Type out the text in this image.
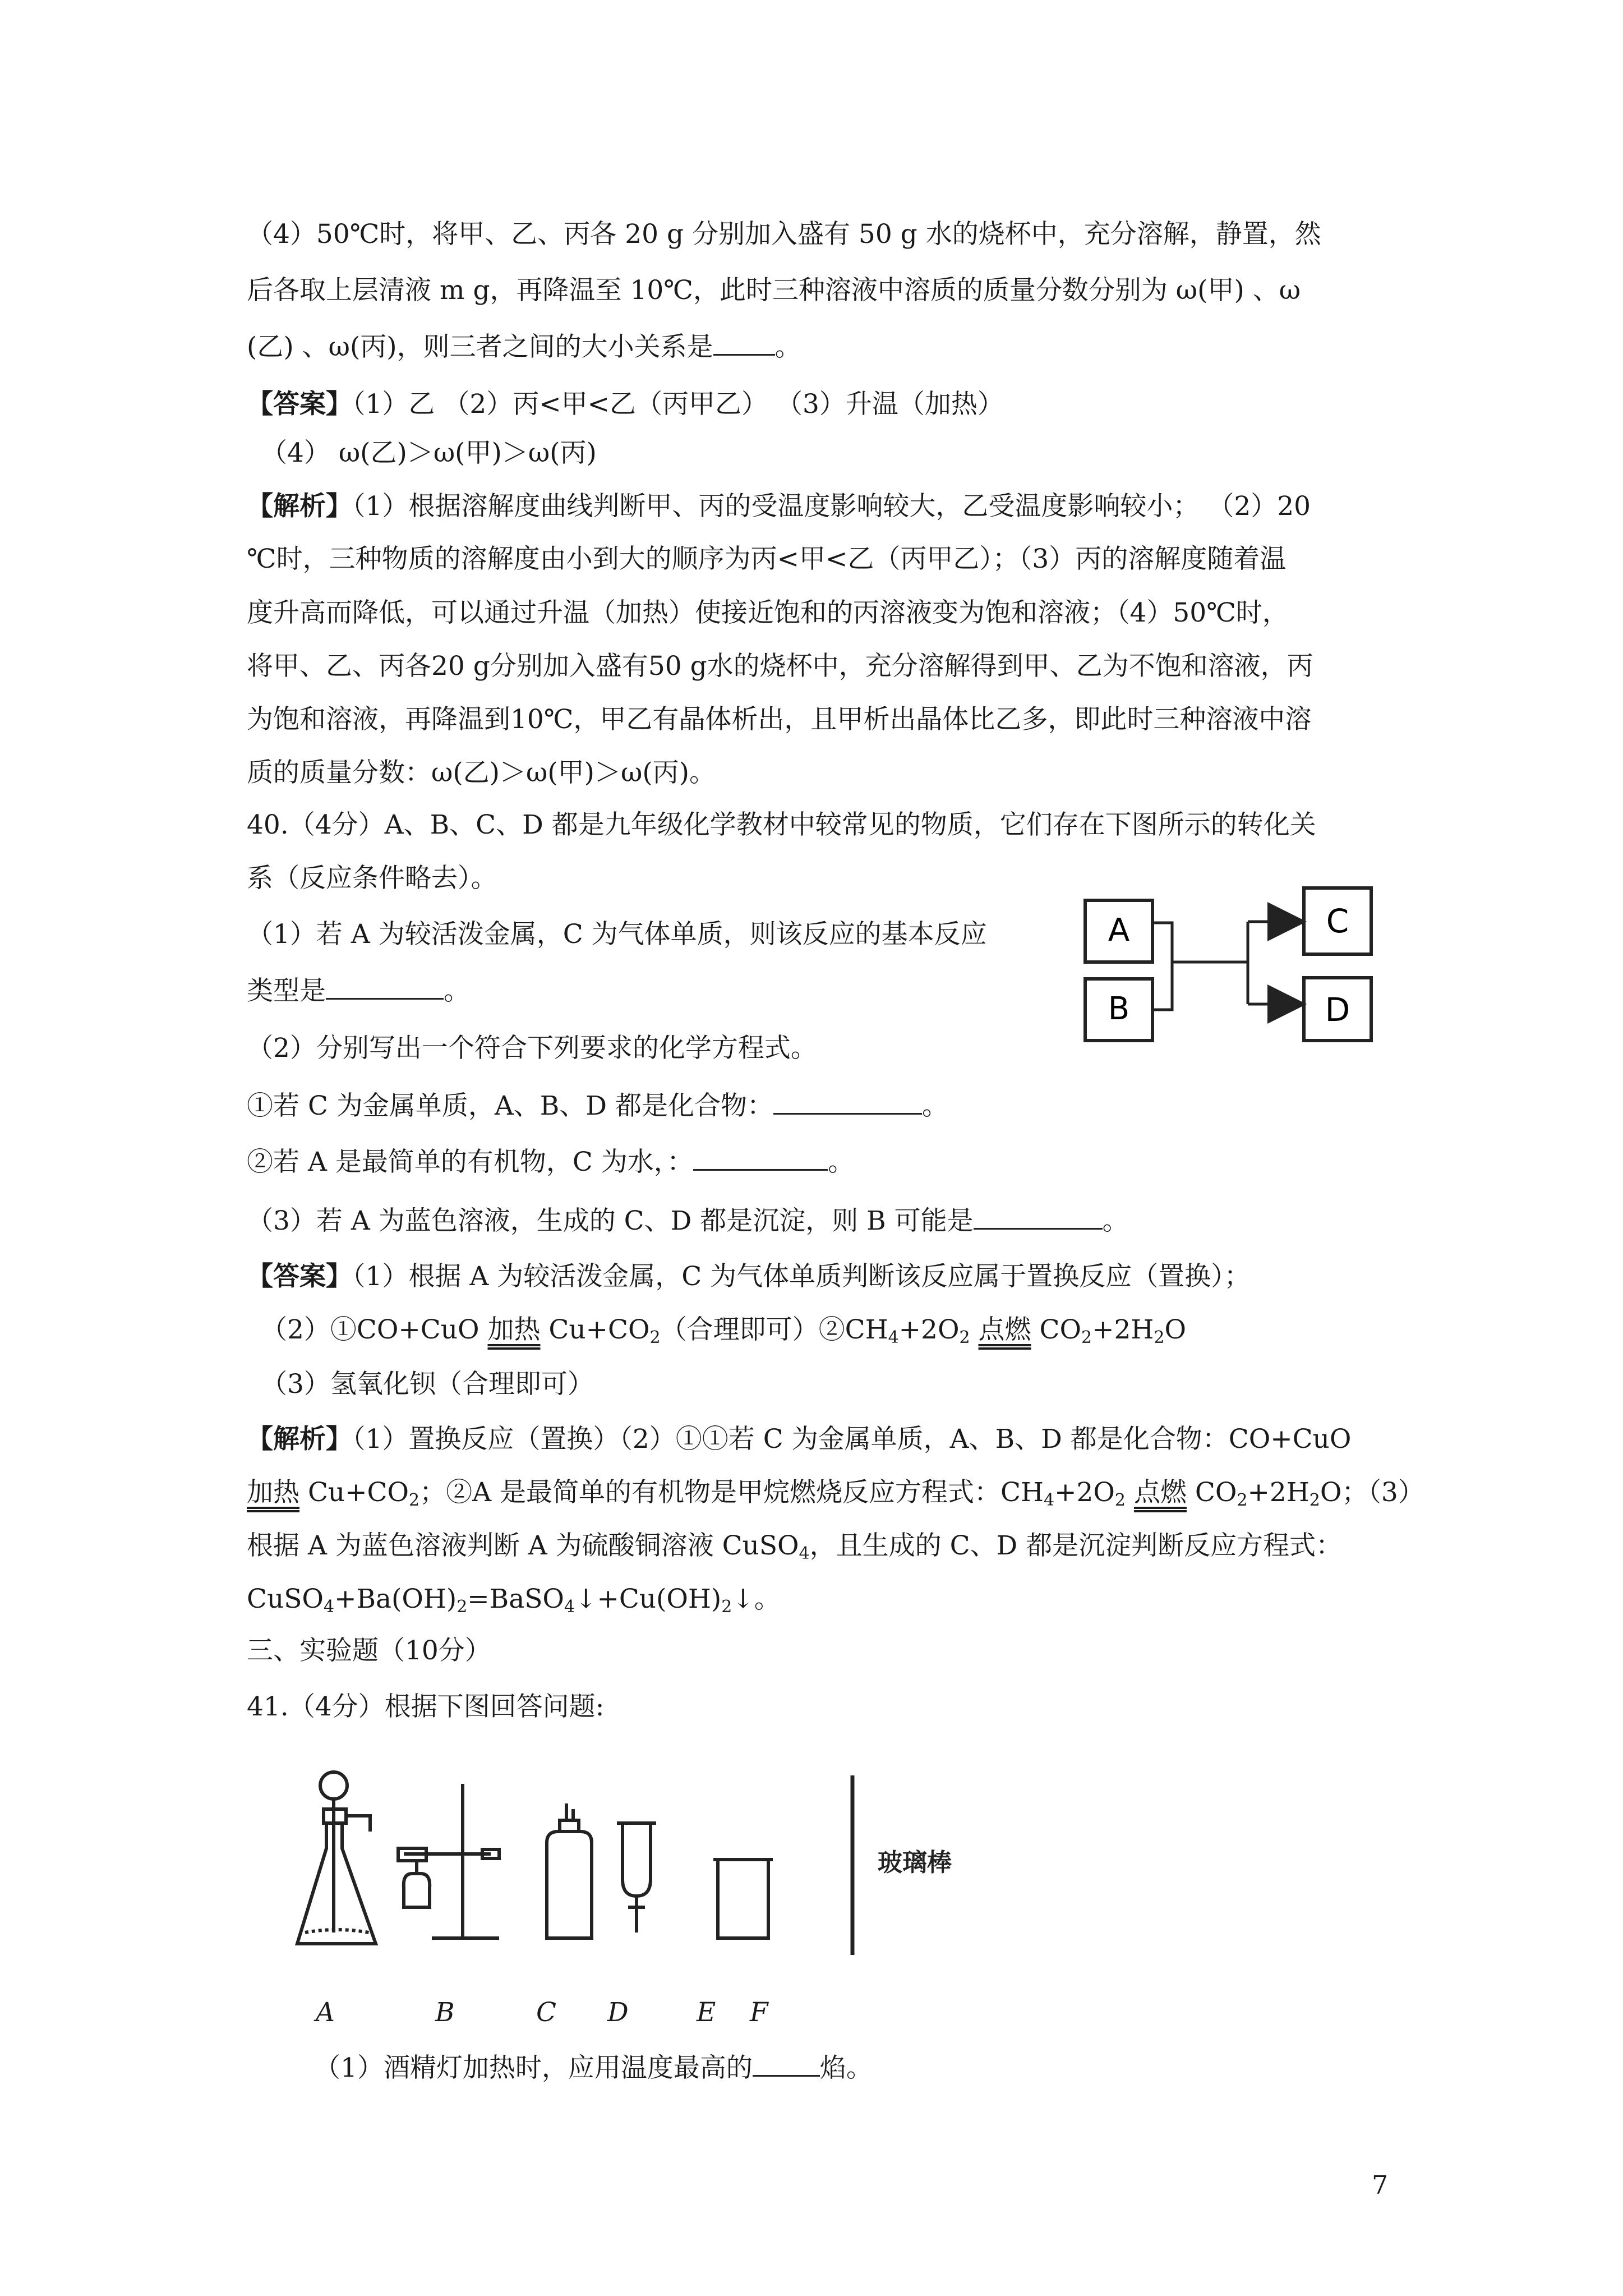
（4）50℃时，将甲、乙、丙各 20 g 分别加入盛有 50 g 水的烧杯中，充分溶解，静置，然
后各取上层清液 m g，再降温至 10℃，此时三种溶液中溶质的质量分数分别为 ω(甲) 、ω
(乙) 、ω(丙)，则三者之间的大小关系是 。
【答案】（1）乙 （2）丙<甲<乙（丙甲乙） （3）升温（加热）
（4） ω(乙)＞ω(甲)＞ω(丙)
【解析】（1）根据溶解度曲线判断甲、丙的受温度影响较大，乙受温度影响较小； （2）20
℃时，三种物质的溶解度由小到大的顺序为丙<甲<乙（丙甲乙）；（3）丙的溶解度随着温
度升高而降低，可以通过升温（加热）使接近饱和的丙溶液变为饱和溶液；（4）50℃时，
将甲、乙、丙各20 g分别加入盛有50 g水的烧杯中，充分溶解得到甲、乙为不饱和溶液，丙
为饱和溶液，再降温到10℃，甲乙有晶体析出，且甲析出晶体比乙多，即此时三种溶液中溶
质的质量分数：ω(乙)＞ω(甲)＞ω(丙)。
40.（4分）A、B、C、D 都是九年级化学教材中较常见的物质，它们存在下图所示的转化关
系（反应条件略去）。
（1）若 A 为较活泼金属，C 为气体单质，则该反应的基本反应
类型是	。
A
B
C
D
（2）分别写出一个符合下列要求的化学方程式。
①若 C 为金属单质，A、B、D 都是化合物：	。
②若 A 是最简单的有机物，C 为水，：	。
（3）若 A 为蓝色溶液，生成的 C、D 都是沉淀，则 B 可能是	。
【答案】（1）根据 A 为较活泼金属，C 为气体单质判断该反应属于置换反应（置换）；
（2）①CO+CuO 加热 $Cu+CO_2$（合理即可）$②CH_4+2O_2$ 点燃 $CO_2+2H_2O$
（3）氢氧化钡（合理即可）
【解析】（1）置换反应（置换）（2）①①若 C 为金属单质，A、B、D 都是化合物：CO+CuO
加热 $Cu+CO_2$；②A 是最简单的有机物是甲烷燃烧反应方程式：$CH_4+2O_2$ 点燃 $CO_2+2H_2O$；（3）
根据 A 为蓝色溶液判断 A 为硫酸铜溶液 CuSO$_4$，且生成的 C、D 都是沉淀判断反应方程式：
$CuSO_4+Ba(OH)_2=BaSO_4↓+Cu(OH)_2↓$。
三、实验题（10分）
41.（4分）根据下图回答问题:
玻璃棒
A	B	C D	E F
（1）酒精灯加热时，应用温度最高的	焰。
7
